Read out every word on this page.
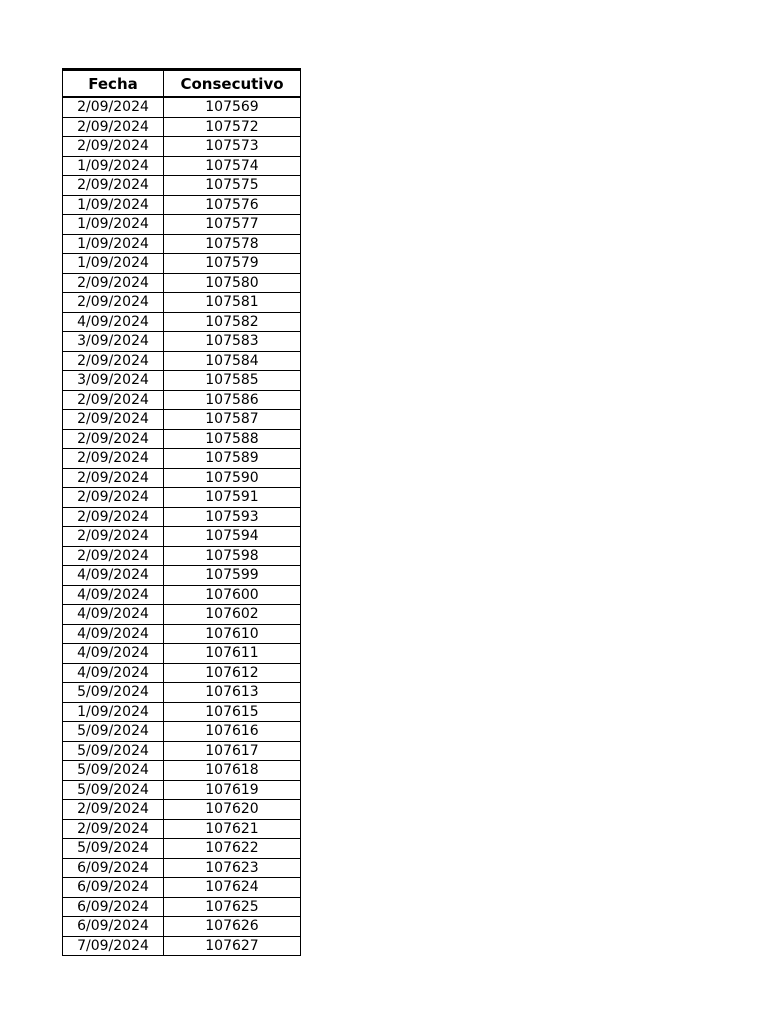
Fecha	Consecutivo
2/09/2024	107569
2/09/2024	107572
2/09/2024	107573
1/09/2024	107574
2/09/2024	107575
1/09/2024	107576
1/09/2024	107577
1/09/2024	107578
1/09/2024	107579
2/09/2024	107580
2/09/2024	107581
4/09/2024	107582
3/09/2024	107583
2/09/2024	107584
3/09/2024	107585
2/09/2024	107586
2/09/2024	107587
2/09/2024	107588
2/09/2024	107589
2/09/2024	107590
2/09/2024	107591
2/09/2024	107593
2/09/2024	107594
2/09/2024	107598
4/09/2024	107599
4/09/2024	107600
4/09/2024	107602
4/09/2024	107610
4/09/2024	107611
4/09/2024	107612
5/09/2024	107613
1/09/2024	107615
5/09/2024	107616
5/09/2024	107617
5/09/2024	107618
5/09/2024	107619
2/09/2024	107620
2/09/2024	107621
5/09/2024	107622
6/09/2024	107623
6/09/2024	107624
6/09/2024	107625
6/09/2024	107626
7/09/2024	107627
